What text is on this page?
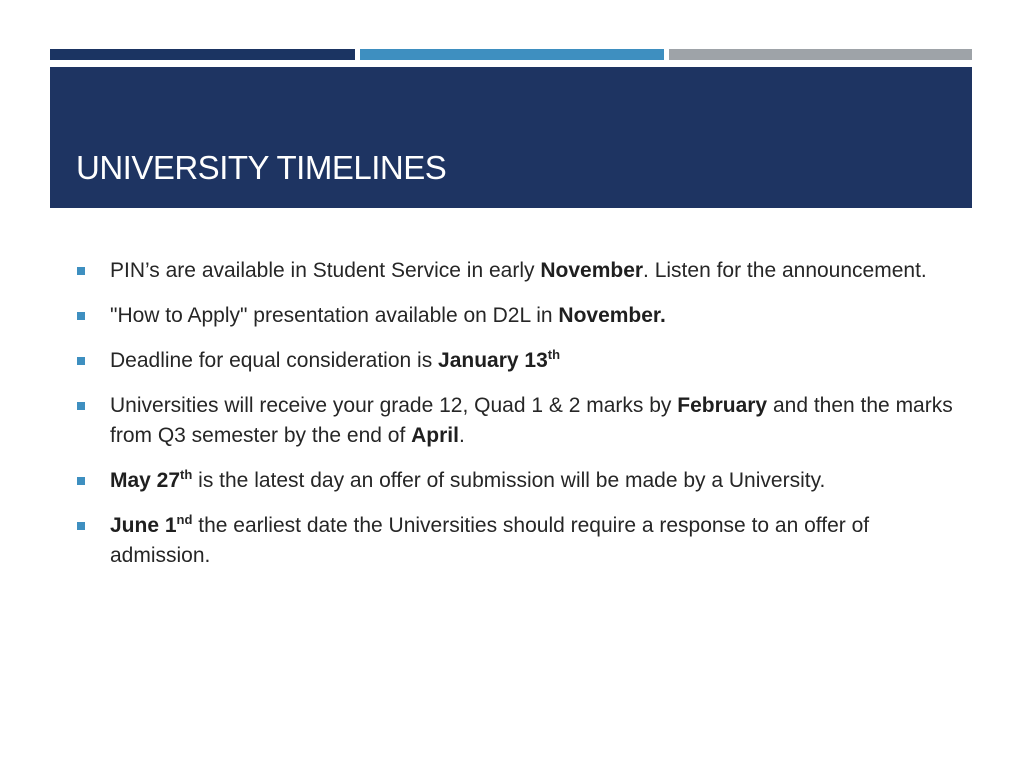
UNIVERSITY TIMELINES
PIN’s are available in Student Service in early November. Listen for the announcement.
"How to Apply" presentation available on D2L in November.
Deadline for equal consideration is January 13th
Universities will receive your grade 12, Quad 1 & 2 marks by February and then the marks from Q3 semester by the end of April.
May 27th is the latest day an offer of submission will be made by a University.
June 1nd the earliest date the Universities should require a response to an offer of admission.
